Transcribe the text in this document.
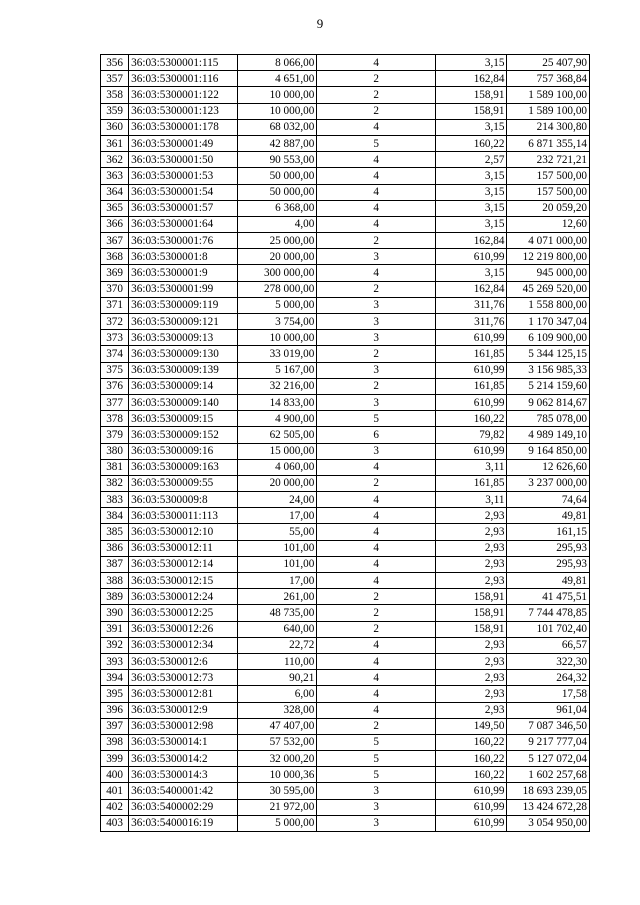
9
356	36:03:5300001:115	8 066,00	4	3,15	25 407,90
357	36:03:5300001:116	4 651,00	2	162,84	757 368,84
358	36:03:5300001:122	10 000,00	2	158,91	1 589 100,00
359	36:03:5300001:123	10 000,00	2	158,91	1 589 100,00
360	36:03:5300001:178	68 032,00	4	3,15	214 300,80
361	36:03:5300001:49	42 887,00	5	160,22	6 871 355,14
362	36:03:5300001:50	90 553,00	4	2,57	232 721,21
363	36:03:5300001:53	50 000,00	4	3,15	157 500,00
364	36:03:5300001:54	50 000,00	4	3,15	157 500,00
365	36:03:5300001:57	6 368,00	4	3,15	20 059,20
366	36:03:5300001:64	4,00	4	3,15	12,60
367	36:03:5300001:76	25 000,00	2	162,84	4 071 000,00
368	36:03:5300001:8	20 000,00	3	610,99	12 219 800,00
369	36:03:5300001:9	300 000,00	4	3,15	945 000,00
370	36:03:5300001:99	278 000,00	2	162,84	45 269 520,00
371	36:03:5300009:119	5 000,00	3	311,76	1 558 800,00
372	36:03:5300009:121	3 754,00	3	311,76	1 170 347,04
373	36:03:5300009:13	10 000,00	3	610,99	6 109 900,00
374	36:03:5300009:130	33 019,00	2	161,85	5 344 125,15
375	36:03:5300009:139	5 167,00	3	610,99	3 156 985,33
376	36:03:5300009:14	32 216,00	2	161,85	5 214 159,60
377	36:03:5300009:140	14 833,00	3	610,99	9 062 814,67
378	36:03:5300009:15	4 900,00	5	160,22	785 078,00
379	36:03:5300009:152	62 505,00	6	79,82	4 989 149,10
380	36:03:5300009:16	15 000,00	3	610,99	9 164 850,00
381	36:03:5300009:163	4 060,00	4	3,11	12 626,60
382	36:03:5300009:55	20 000,00	2	161,85	3 237 000,00
383	36:03:5300009:8	24,00	4	3,11	74,64
384	36:03:5300011:113	17,00	4	2,93	49,81
385	36:03:5300012:10	55,00	4	2,93	161,15
386	36:03:5300012:11	101,00	4	2,93	295,93
387	36:03:5300012:14	101,00	4	2,93	295,93
388	36:03:5300012:15	17,00	4	2,93	49,81
389	36:03:5300012:24	261,00	2	158,91	41 475,51
390	36:03:5300012:25	48 735,00	2	158,91	7 744 478,85
391	36:03:5300012:26	640,00	2	158,91	101 702,40
392	36:03:5300012:34	22,72	4	2,93	66,57
393	36:03:5300012:6	110,00	4	2,93	322,30
394	36:03:5300012:73	90,21	4	2,93	264,32
395	36:03:5300012:81	6,00	4	2,93	17,58
396	36:03:5300012:9	328,00	4	2,93	961,04
397	36:03:5300012:98	47 407,00	2	149,50	7 087 346,50
398	36:03:5300014:1	57 532,00	5	160,22	9 217 777,04
399	36:03:5300014:2	32 000,20	5	160,22	5 127 072,04
400	36:03:5300014:3	10 000,36	5	160,22	1 602 257,68
401	36:03:5400001:42	30 595,00	3	610,99	18 693 239,05
402	36:03:5400002:29	21 972,00	3	610,99	13 424 672,28
403	36:03:5400016:19	5 000,00	3	610,99	3 054 950,00
